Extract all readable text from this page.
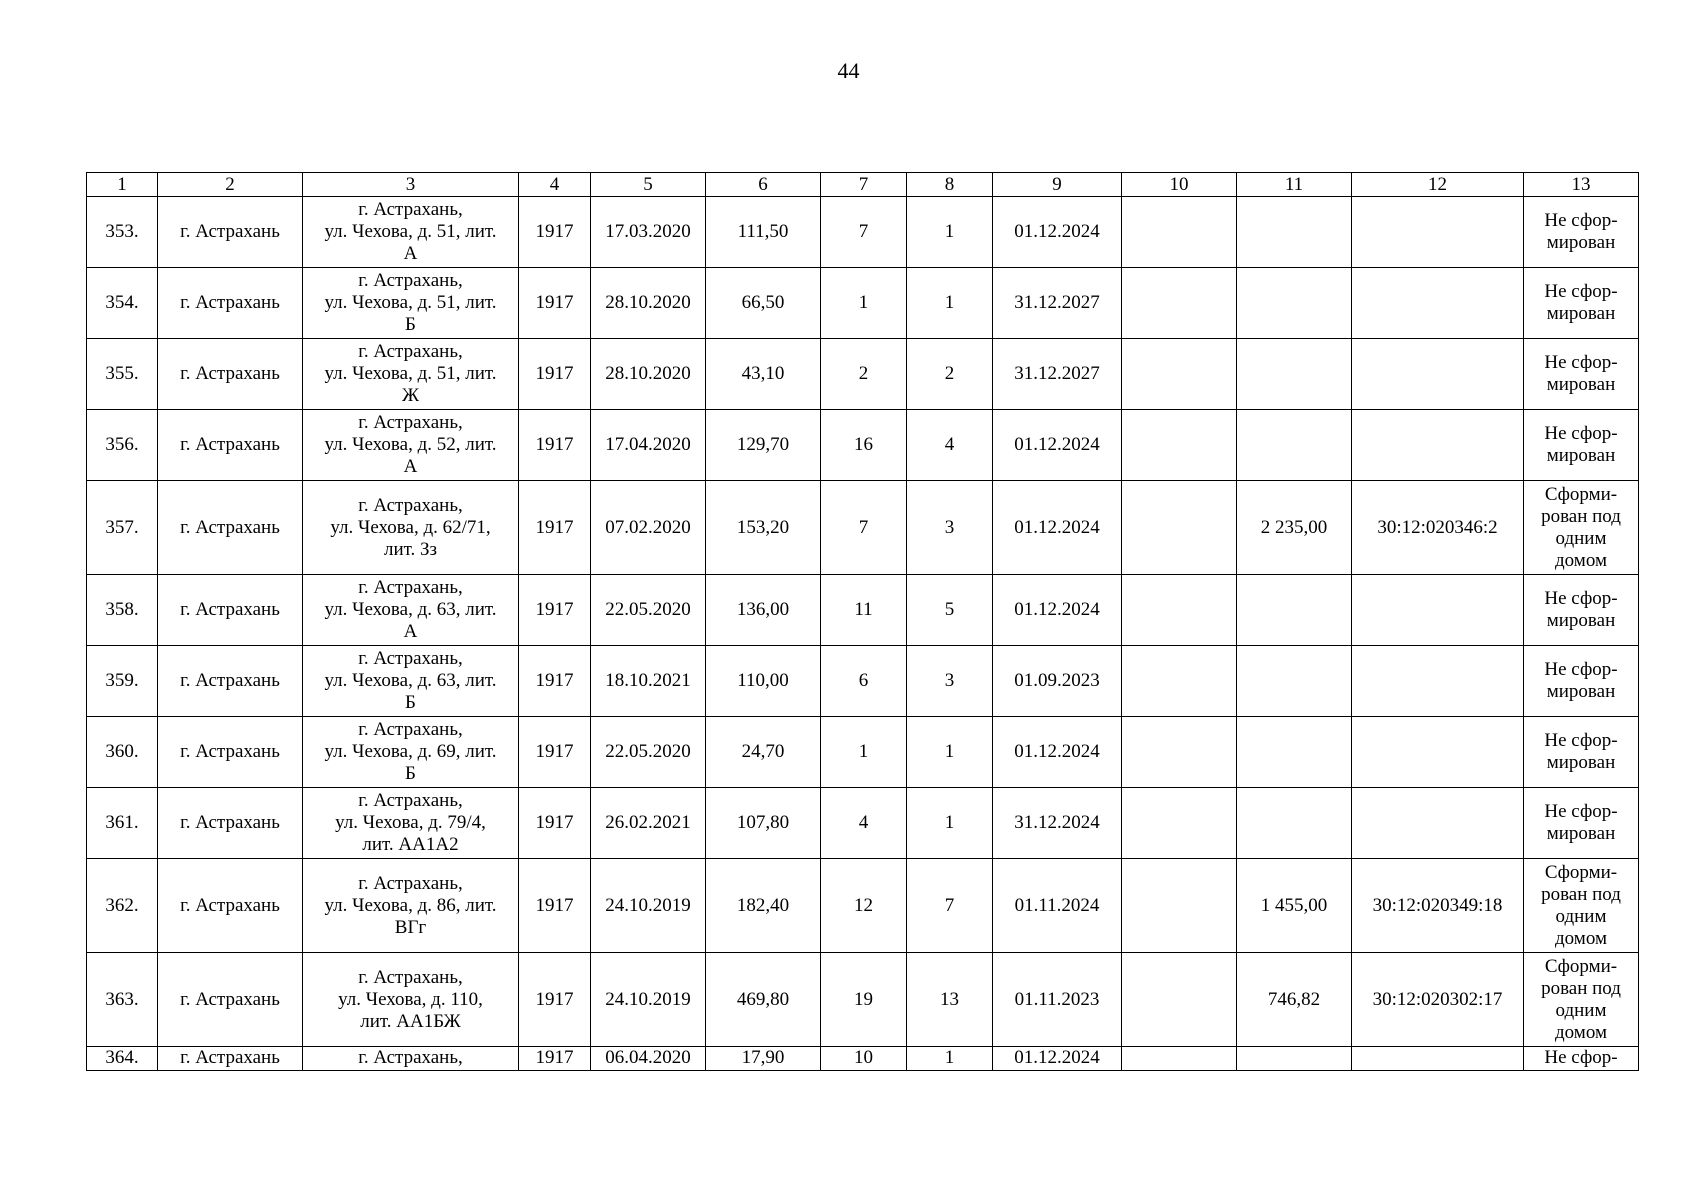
44
1	2	3	4	5	6	7	8	9	10	11	12	13
353.	г. Астрахань	г. Астрахань,
ул. Чехова, д. 51, лит.
А	1917	17.03.2020	111,50	7	1	01.12.2024				Не сфор-
мирован

354.	г. Астрахань	г. Астрахань,
ул. Чехова, д. 51, лит.
Б	1917	28.10.2020	66,50	1	1	31.12.2027				Не сфор-
мирован

355.	г. Астрахань	г. Астрахань,
ул. Чехова, д. 51, лит.
Ж	1917	28.10.2020	43,10	2	2	31.12.2027				Не сфор-
мирован

356.	г. Астрахань	г. Астрахань,
ул. Чехова, д. 52, лит.
А	1917	17.04.2020	129,70	16	4	01.12.2024				Не сфор-
мирован

357.	г. Астрахань	г. Астрахань,
ул. Чехова, д. 62/71,
лит. Зз	1917	07.02.2020	153,20	7	3	01.12.2024		2 235,00	30:12:020346:2	Сформи-
рован под
одним
домом

358.	г. Астрахань	г. Астрахань,
ул. Чехова, д. 63, лит.
А	1917	22.05.2020	136,00	11	5	01.12.2024				Не сфор-
мирован

359.	г. Астрахань	г. Астрахань,
ул. Чехова, д. 63, лит.
Б	1917	18.10.2021	110,00	6	3	01.09.2023				Не сфор-
мирован

360.	г. Астрахань	г. Астрахань,
ул. Чехова, д. 69, лит.
Б	1917	22.05.2020	24,70	1	1	01.12.2024				Не сфор-
мирован

361.	г. Астрахань	г. Астрахань,
ул. Чехова, д. 79/4,
лит. АА1А2	1917	26.02.2021	107,80	4	1	31.12.2024				Не сфор-
мирован

362.	г. Астрахань	г. Астрахань,
ул. Чехова, д. 86, лит.
ВГг	1917	24.10.2019	182,40	12	7	01.11.2024		1 455,00	30:12:020349:18	Сформи-
рован под
одним
домом

363.	г. Астрахань	г. Астрахань,
ул. Чехова, д. 110,
лит. АА1БЖ	1917	24.10.2019	469,80	19	13	01.11.2023		746,82	30:12:020302:17	Сформи-
рован под
одним
домом

364.	г. Астрахань	г. Астрахань,	1917	06.04.2020	17,90	10	1	01.12.2024				Не сфор-
